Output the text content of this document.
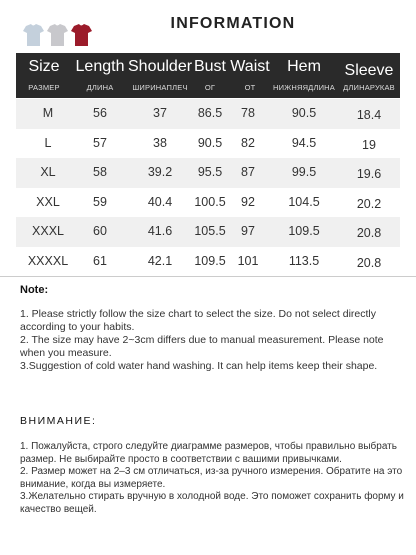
INFORMATION
Size Length Shoulder Bust Waist	Hem	Sleeve
РАЗМЕР	ДЛИНА	ШИРИНАПЛЕЧ	ОГ	ОТ	НИЖНЯЯДЛИНА	ДЛИНАРУКАВ
M	56	37	86.5	78	90.5	18.4
L	57	38	90.5	82	94.5	19
XL	58	39.2	95.5	87	99.5	19.6
XXL	59	40.4	100.5	92	104.5	20.2
XXXL	60	41.6	105.5	97	109.5	20.8
XXXXL	61	42.1	109.5 101	113.5	20.8
Note:

1. Please strictly follow the size chart to select the size. Do not select directly according to your habits.

2. The size may have 2~3cm differs due to manual measurement. Please note when you measure.

3.Suggestion of cold water hand washing. It can help items keep their shape.

ВНИМАНИЕ:

1. Пожалуйста, строго следуйте диаграмме размеров, чтобы правильно выбрать размер. Не выбирайте просто в соответствии с вашими привычками.

2. Размер может на 2–3 см отличаться, из-за ручного измерения. Обратите на это внимание, когда вы измеряете.

3.Желательно стирать вручную в холодной воде. Это поможет сохранить форму и качество вещей.
